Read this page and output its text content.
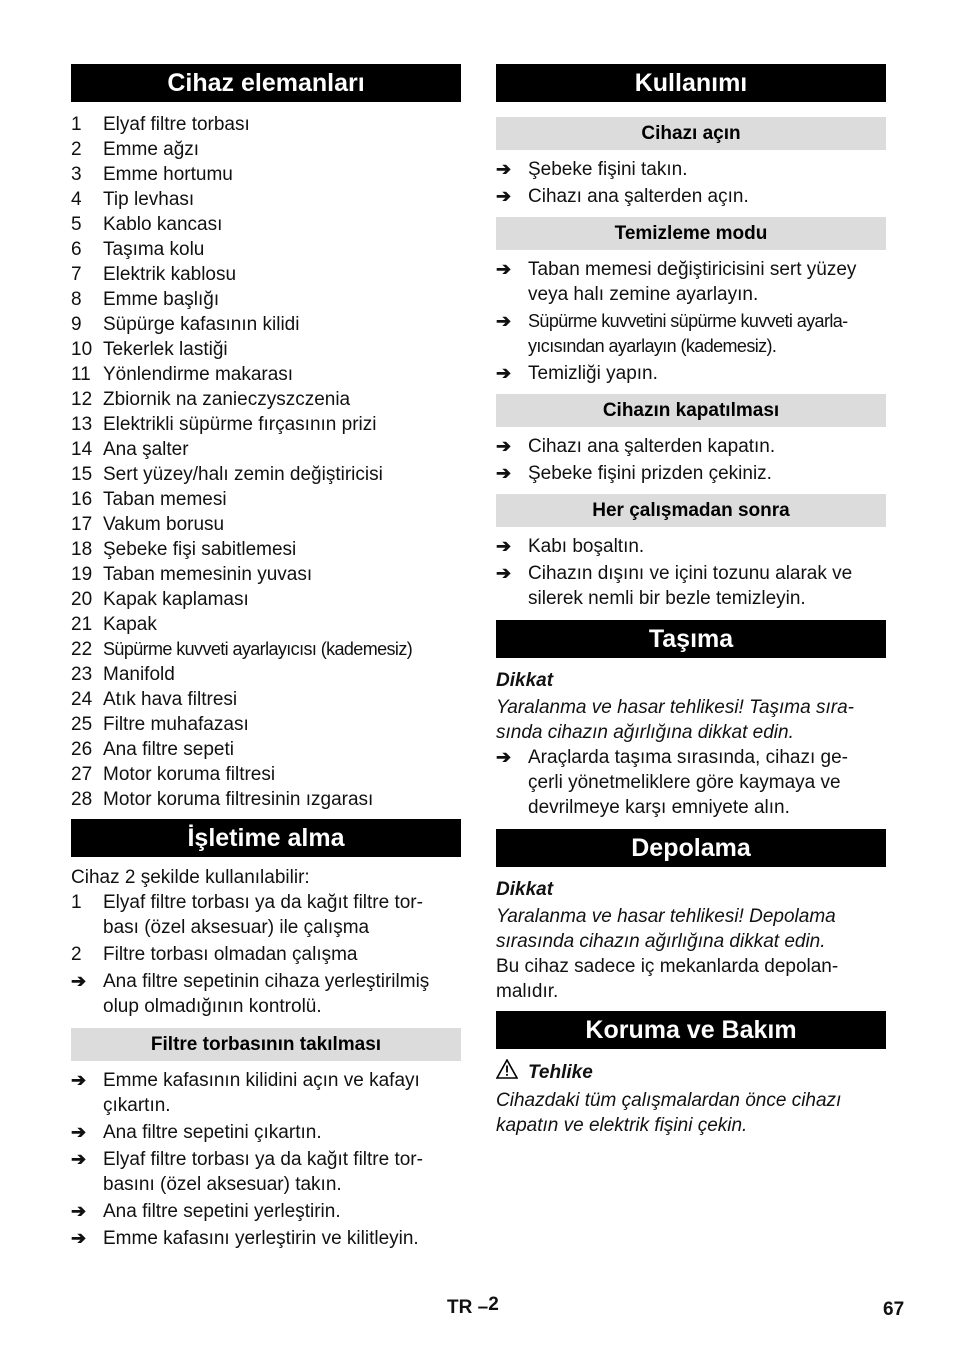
Cihaz elemanları
1	Elyaf filtre torbası
2	Emme ağzı
3	Emme hortumu
4	Tip levhası
5	Kablo kancası
6	Taşıma kolu
7	Elektrik kablosu
8	Emme başlığı
9	Süpürge kafasının kilidi
10 Tekerlek lastiği
11 Yönlendirme makarası
12 Zbiornik na zanieczyszczenia
13 Elektrikli süpürme fırçasının prizi
14 Ana şalter
15 Sert yüzey/halı zemin değiştiricisi
16 Taban memesi
17 Vakum borusu
18 Şebeke fişi sabitlemesi
19 Taban memesinin yuvası
20 Kapak kaplaması
21 Kapak
22 Süpürme kuvveti ayarlayıcısı (kademesiz)
23 Manifold
24 Atık hava filtresi
25 Filtre muhafazası
26 Ana filtre sepeti
27 Motor koruma filtresi
28 Motor koruma filtresinin ızgarası
İşletime alma

Cihaz 2 şekilde kullanılabilir:

1	Elyaf filtre torbası ya da kağıt filtre tor-
bası (özel aksesuar) ile çalışma
2	Filtre torbası olmadan çalışma
➔ Ana filtre sepetinin cihaza yerleştirilmiş
olup olmadığının kontrolü.
Filtre torbasının takılması
➔ Emme kafasının kilidini açın ve kafayı
çıkartın.
➔ Ana filtre sepetini çıkartın.
➔ Elyaf filtre torbası ya da kağıt filtre tor-
basını (özel aksesuar) takın.
➔ Ana filtre sepetini yerleştirin.
➔ Emme kafasını yerleştirin ve kilitleyin.
Kullanımı
Cihazı açın
➔ Şebeke fişini takın.
➔ Cihazı ana şalterden açın.
Temizleme modu
➔ Taban memesi değiştiricisini sert yüzey
veya halı zemine ayarlayın.
➔ Süpürme kuvvetini süpürme kuvveti ayarla-
yıcısından ayarlayın (kademesiz).
➔ Temizliği yapın.
Cihazın kapatılması
➔ Cihazı ana şalterden kapatın.
➔ Şebeke fişini prizden çekiniz.
Her çalışmadan sonra
➔ Kabı boşaltın.
➔ Cihazın dışını ve içini tozunu alarak ve
silerek nemli bir bezle temizleyin.
Taşıma

Dikkat

Yaralanma ve hasar tehlikesi! Taşıma sıra-
sında cihazın ağırlığına dikkat edin.

➔ Araçlarda taşıma sırasında, cihazı ge-
çerli yönetmeliklere göre kaymaya ve
devrilmeye karşı emniyete alın.
Depolama

Dikkat

Yaralanma ve hasar tehlikesi! Depolama
sırasında cihazın ağırlığına dikkat edin.

Bu cihaz sadece iç mekanlarda depolan-
malıdır.

Koruma ve Bakım
Tehlike

Cihazdaki tüm çalışmalardan önce cihazı
kapatın ve elektrik fişini çekin.

TR –2	67
